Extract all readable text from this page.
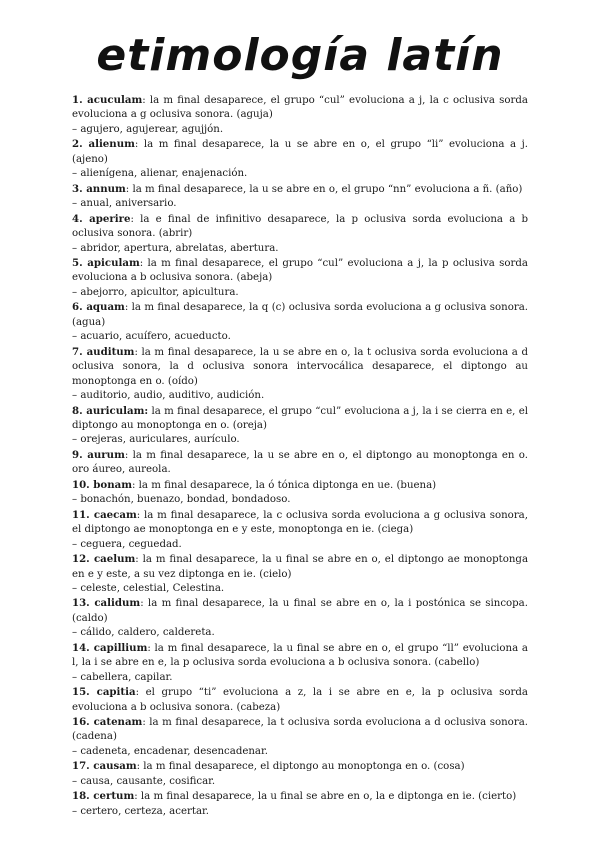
etimología latín

1. acuculam: la m final desaparece, el grupo “cul” evoluciona a j, la c oclusiva sorda evoluciona a g oclusiva sonora. (aguja)

– agujero, agujerear, agujjón.

2. alienum: la m final desaparece, la u se abre en o, el grupo “li” evoluciona a j. (ajeno)

– alienígena, alienar, enajenación.

3. annum: la m final desaparece, la u se abre en o, el grupo “nn” evoluciona a ñ. (año)

– anual, aniversario.

4. aperire: la e final de infinitivo desaparece, la p oclusiva sorda evoluciona a b oclusiva sonora. (abrir)

– abridor, apertura, abrelatas, abertura.

5. apiculam: la m final desaparece, el grupo “cul” evoluciona a j, la p oclusiva sorda evoluciona a b oclusiva sonora. (abeja)

– abejorro, apicultor, apicultura.

6. aquam: la m final desaparece, la q (c) oclusiva sorda evoluciona a g oclusiva sonora. (agua)

– acuario, acuífero, acueducto.

7. auditum: la m final desaparece, la u se abre en o, la t oclusiva sorda evoluciona a d oclusiva sonora, la d oclusiva sonora intervocálica desaparece, el diptongo au monoptonga en o. (oído)

– auditorio, audio, auditivo, audición.

8. auriculam: la m final desaparece, el grupo “cul” evoluciona a j, la i se cierra en e, el diptongo au monoptonga en o. (oreja)

– orejeras, auriculares, aurículo.

9. aurum: la m final desaparece, la u se abre en o, el diptongo au monoptonga en o. oro áureo, aureola.

10. bonam: la m final desaparece, la ó tónica diptonga en ue. (buena)

– bonachón, buenazo, bondad, bondadoso.

11. caecam: la m final desaparece, la c oclusiva sorda evoluciona a g oclusiva sonora, el diptongo ae monoptonga en e y este, monoptonga en ie. (ciega)

– ceguera, ceguedad.

12. caelum: la m final desaparece, la u final se abre en o, el diptongo ae monoptonga en e y este, a su vez diptonga en ie. (cielo)

– celeste, celestial, Celestina.

13. calidum: la m final desaparece, la u final se abre en o, la i postónica se sincopa. (caldo)

– cálido, caldero, caldereta.

14. capillium: la m final desaparece, la u final se abre en o, el grupo “ll” evoluciona a l, la i se abre en e, la p oclusiva sorda evoluciona a b oclusiva sonora. (cabello)

– cabellera, capilar.

15. capitia: el grupo “ti” evoluciona a z, la i se abre en e, la p oclusiva sorda evoluciona a b oclusiva sonora. (cabeza)

16. catenam: la m final desaparece, la t oclusiva sorda evoluciona a d oclusiva sonora. (cadena)

– cadeneta, encadenar, desencadenar.

17. causam: la m final desaparece, el diptongo au monoptonga en o. (cosa)

– causa, causante, cosificar.

18. certum: la m final desaparece, la u final se abre en o, la e diptonga en ie. (cierto)

– certero, certeza, acertar.
